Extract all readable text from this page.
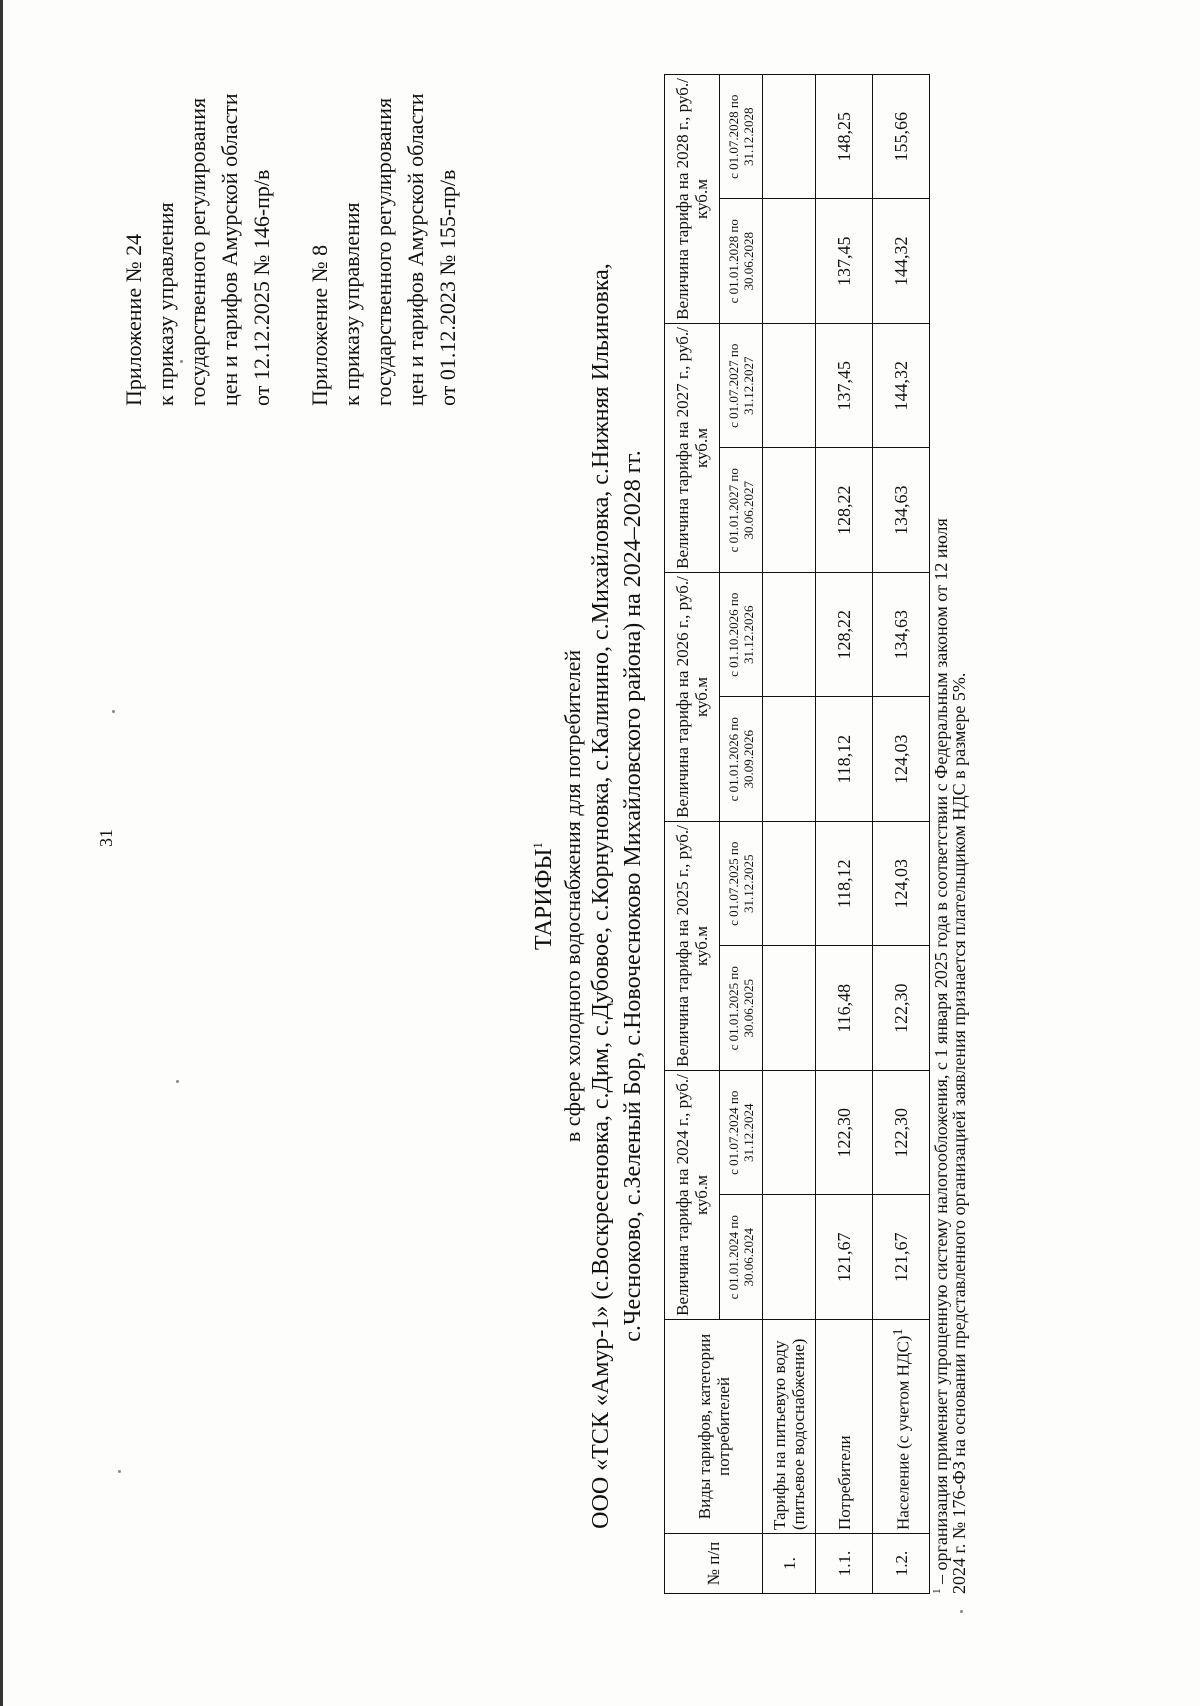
31
Приложение № 24 к приказу управления государственного регулирования цен и тарифов Амурской области от 12.12.2025 № 146-пр/в Приложение № 8 к приказу управления государственного регулирования цен и тарифов Амурской области от 01.12.2023 № 155-пр/в
ТАРИФЫ$^1$ в сфере холодного водоснабжения для потребителей ООО «ТСК «Амур-1» (с.Воскресеновка, с.Дим, с.Дубовое, с.Корнуновка, с.Калинино, с.Михайловка, с.Нижняя Ильиновка, с.Чесноково, с.Зеленый Бор, с.Новочесноково Михайловского района) на 2024–2028 гг.
№ п/п	Виды тарифов, категории потребителей	Величина тарифа на 2024 г., руб./куб.м		Величина тарифа на 2025 г., руб./куб.м		Величина тарифа на 2026 г., руб./куб.м		Величина тарифа на 2027 г., руб./куб.м		Величина тарифа на 2028 г., руб./куб.м	
		с 01.01.2024 по 30.06.2024	с 01.07.2024 по 31.12.2024	с 01.01.2025 по 30.06.2025	с 01.07.2025 по 31.12.2025	с 01.01.2026 по 30.09.2026	с 01.10.2026 по 31.12.2026	с 01.01.2027 по 30.06.2027	с 01.07.2027 по 31.12.2027	с 01.01.2028 по 30.06.2028	с 01.07.2028 по 31.12.2028
1.	Тарифы на питьевую воду (питьевое водоснабжение)										
1.1.	Потребители	121,67	122,30	116,48	118,12	118,12	128,22	128,22	137,45	137,45	148,25
1.2.	Население (с учетом НДС)$^1$	121,67	122,30	122,30	124,03	124,03	134,63	134,63	144,32	144,32	155,66
$^1$ – организация применяет упрощенную систему налогообложения, с 1 января 2025 года в соответствии с Федеральным законом от 12 июля
2024 г. № 176-ФЗ на основании представленного организацией заявления признается плательщиком НДС в размере 5%.
